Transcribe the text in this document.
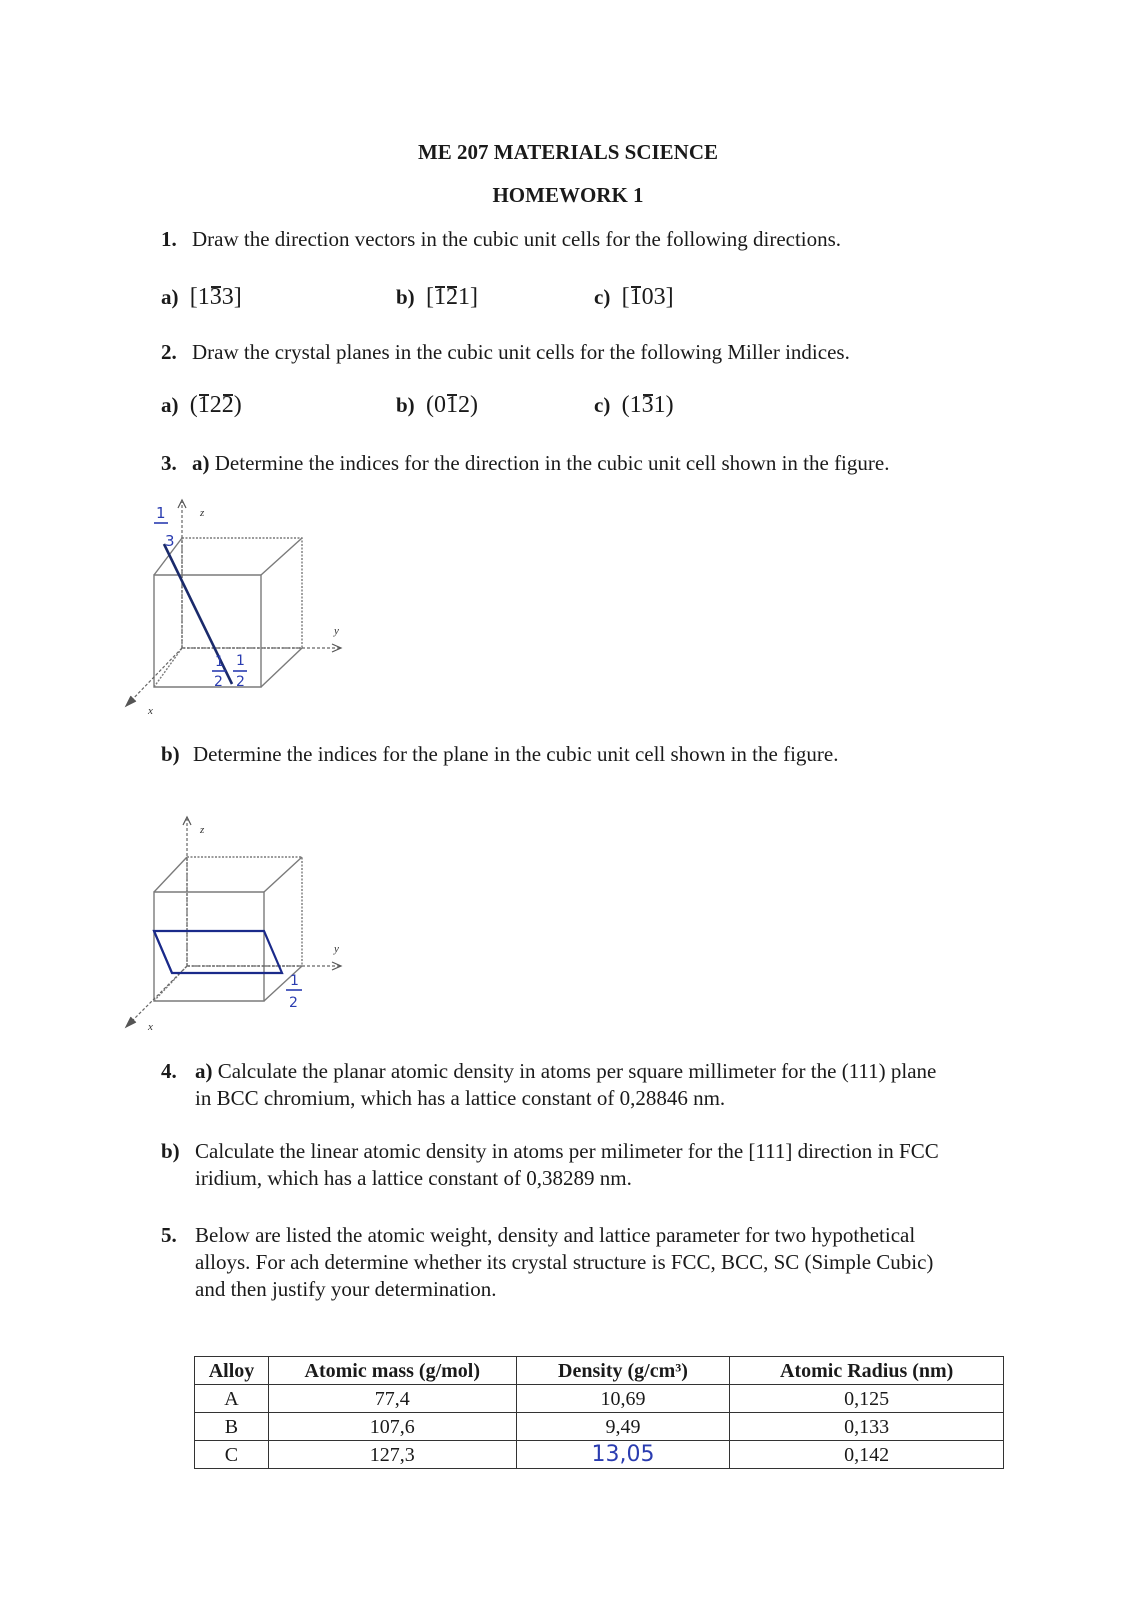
ME 207 MATERIALS SCIENCE
HOMEWORK 1
1. Draw the direction vectors in the cubic unit cells for the following directions.
a) [133]	b) [121]	c) [103]
2. Draw the crystal planes in the cubic unit cells for the following Miller indices.
a) (122)	b) (012)	c) (131)
3. a) Determine the indices for the direction in the cubic unit cell shown in the figure.
z
y
x
1
3
1
2
1
2
b) Determine the indices for the plane in the cubic unit cell shown in the figure.
z
y
x
1
2
4. a) Calculate the planar atomic density in atoms per square millimeter for the (111) plane
in BCC chromium, which has a lattice constant of 0,28846 nm.
b) Calculate the linear atomic density in atoms per milimeter for the [111] direction in FCC
iridium, which has a lattice constant of 0,38289 nm.
5. Below are listed the atomic weight, density and lattice parameter for two hypothetical
alloys. For ach determine whether its crystal structure is FCC, BCC, SC (Simple Cubic)
and then justify your determination.
Alloy	Atomic mass (g/mol)	Density (g/cm³)	Atomic Radius (nm)
A	77,4	10,69	0,125
B	107,6	9,49	0,133
C	127,3	13,05	0,142
